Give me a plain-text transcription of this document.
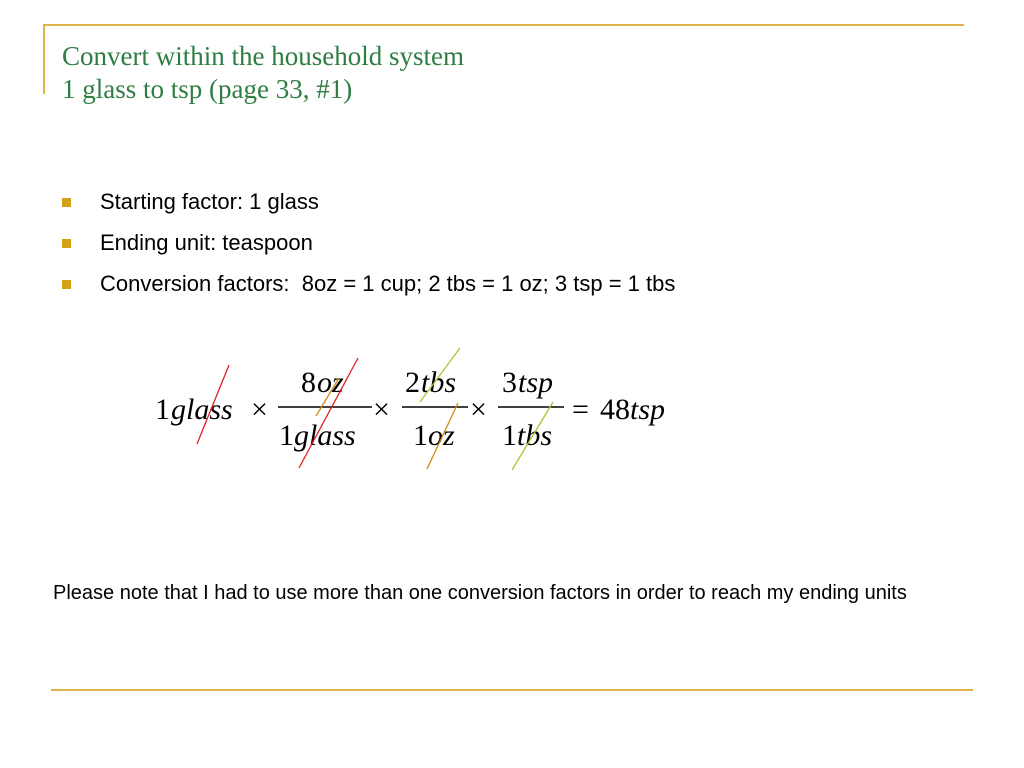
Convert within the household system
1 glass to tsp (page 33, #1)
Starting factor: 1 glass
Ending unit: teaspoon
Conversion factors:  8oz = 1 cup; 2 tbs = 1 oz; 3 tsp = 1 tbs
1 glass ×
8 oz
1 glass
×
2 tbs
1 oz
×
3 tsp
1 tbs
= 48 tsp

Please note that I had to use more than one conversion factors in order to reach my ending units
